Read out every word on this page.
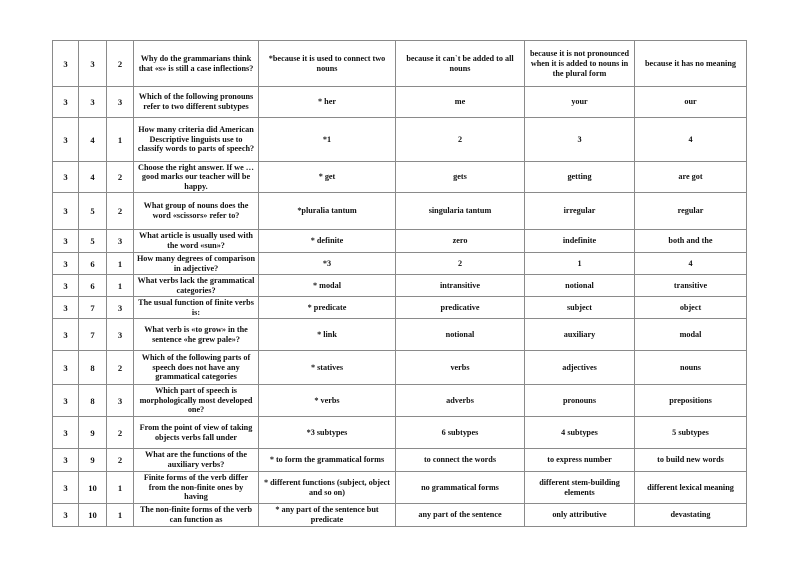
3	3	2	Why do the grammarians think that «s» is still a case inflections?	*because it is used to connect two nouns	because it can`t be added to all nouns	because it is not pronounced when it is added to nouns in the plural form	because it has no meaning
3	3	3	Which of the following pronouns refer to two different subtypes	* her	me	your	our
3	4	1	How many criteria did American Descriptive linguists use to classify words to parts of speech?	*1	2	3	4
3	4	2	Choose the right answer. If we … good marks our teacher will be happy.	* get	gets	getting	are got
3	5	2	What group of nouns does the word «scissors» refer to?	*pluralia tantum	singularia tantum	irregular	regular
3	5	3	What article is usually used with the word «sun»?	* definite	zero	indefinite	both and the
3	6	1	How many degrees of comparison in adjective?	*3	2	1	4
3	6	1	What verbs lack the grammatical categories?	* modal	intransitive	notional	transitive
3	7	3	The usual function of finite verbs is:	* predicate	predicative	subject	object
3	7	3	What verb is «to grow» in the sentence «he grew pale»?	* link	notional	auxiliary	modal
3	8	2	Which of the following parts of speech does not have any grammatical categories	* statives	verbs	adjectives	nouns
3	8	3	Which part of speech is morphologically most developed one?	* verbs	adverbs	pronouns	prepositions
3	9	2	From the point of view of taking objects verbs fall under	*3 subtypes	6 subtypes	4 subtypes	5 subtypes
3	9	2	What are the functions of the auxiliary verbs?	* to form the grammatical forms	to connect the words	to express number	to build new words
3	10	1	Finite forms of the verb differ from the non-finite ones by having	* different functions (subject, object and so on)	no grammatical forms	different stem-building elements	different lexical meaning
3	10	1	The non-finite forms of the verb can function as	* any part of the sentence but predicate	any part of the sentence	only attributive	devastating
